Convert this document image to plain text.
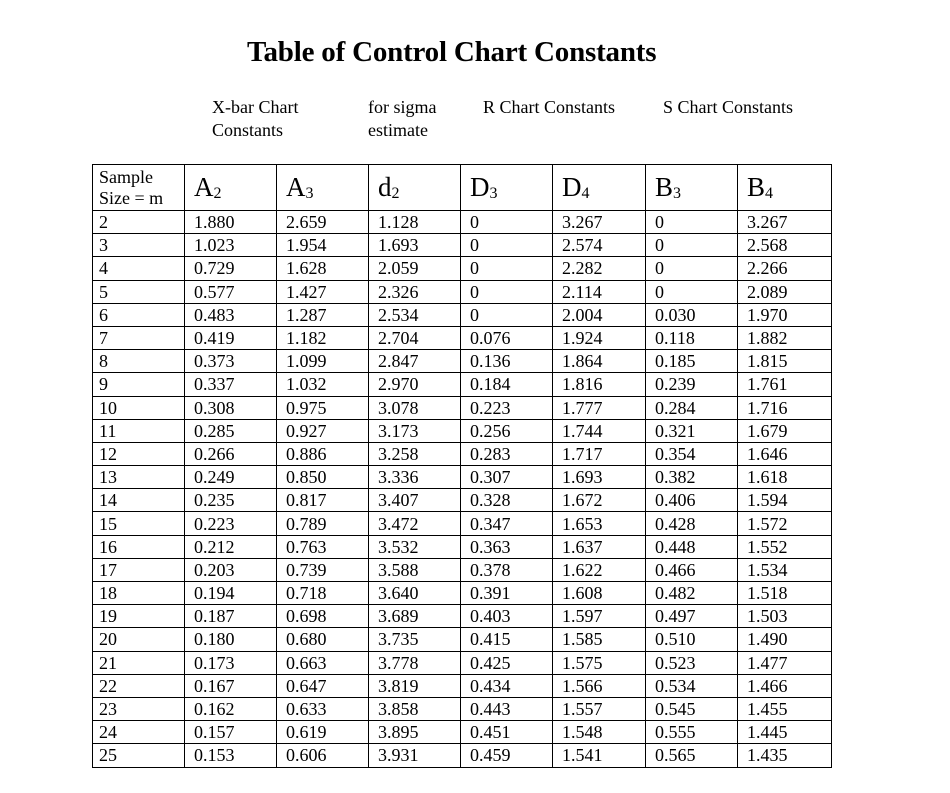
Table of Control Chart Constants
X-bar Chart
Constants
for sigma
estimate
R Chart Constants	S Chart Constants
Sample
Size = m	$A_2$	$A_3$	$d_2$	$D_3$	$D_4$	$B_3$	$B_4$
2	1.880	2.659	1.128	0	3.267	0	3.267
3	1.023	1.954	1.693	0	2.574	0	2.568
4	0.729	1.628	2.059	0	2.282	0	2.266
5	0.577	1.427	2.326	0	2.114	0	2.089
6	0.483	1.287	2.534	0	2.004	0.030	1.970
7	0.419	1.182	2.704	0.076	1.924	0.118	1.882
8	0.373	1.099	2.847	0.136	1.864	0.185	1.815
9	0.337	1.032	2.970	0.184	1.816	0.239	1.761
10	0.308	0.975	3.078	0.223	1.777	0.284	1.716
11	0.285	0.927	3.173	0.256	1.744	0.321	1.679
12	0.266	0.886	3.258	0.283	1.717	0.354	1.646
13	0.249	0.850	3.336	0.307	1.693	0.382	1.618
14	0.235	0.817	3.407	0.328	1.672	0.406	1.594
15	0.223	0.789	3.472	0.347	1.653	0.428	1.572
16	0.212	0.763	3.532	0.363	1.637	0.448	1.552
17	0.203	0.739	3.588	0.378	1.622	0.466	1.534
18	0.194	0.718	3.640	0.391	1.608	0.482	1.518
19	0.187	0.698	3.689	0.403	1.597	0.497	1.503
20	0.180	0.680	3.735	0.415	1.585	0.510	1.490
21	0.173	0.663	3.778	0.425	1.575	0.523	1.477
22	0.167	0.647	3.819	0.434	1.566	0.534	1.466
23	0.162	0.633	3.858	0.443	1.557	0.545	1.455
24	0.157	0.619	3.895	0.451	1.548	0.555	1.445
25	0.153	0.606	3.931	0.459	1.541	0.565	1.435
